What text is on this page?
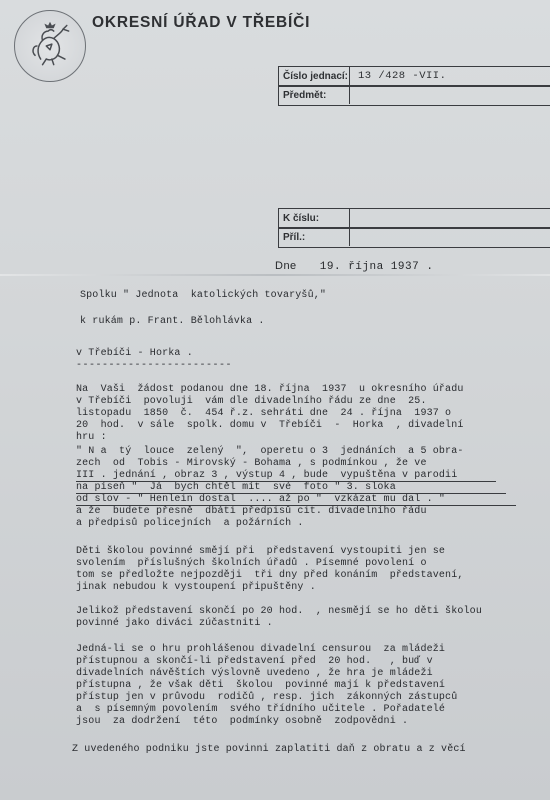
OKRESNÍ ÚŘAD V TŘEBÍČI
Číslo jednací: 13 /428 -VII.
Předmět:
K číslu:
Příl.:
Dne 19. října 1937 .

Spolku " Jednota  katolických tovaryšů,"

k rukám p. Frant. Bělohlávka .

v Třebíči - Horka .

------------------------

Na  Vaši  žádost podanou dne 18. října  1937  u okresního úřadu

v Třebíči  povoluji  vám dle divadelního řádu ze dne  25.

listopadu  1850  č.  454 ř.z. sehráti dne  24 . října  1937 o

20  hod.  v sále  spolk. domu v  Třebíči  -  Horka  , divadelní

hru :

" N a  tý  louce  zelený  ",  operetu o 3  jednáních  a 5 obra-

zech  od  Tobis - Mirovský - Bohama , s podmínkou , že ve

III . jednání , obraz 3 , výstup 4 , bude  vypuštěna v parodii

na píseň "  Já  bych chtěl mít  své  foto " 3. sloka

od slov - " Henlein dostal  .... až po "  vzkázat mu dal . "

a že  budete přesně  dbáti předpisů cit. divadelního řádu

a předpisů policejních  a požárních .

Děti školou povinné smějí při  představení vystoupiti jen se

svolením  příslušných školních úřadů . Písemné povolení o

tom se předložte nejpozději  tři dny před konáním  představení,

jinak nebudou k vystoupení připuštěny .

Jelikož představení skončí po 20 hod.  , nesmějí se ho děti školou

povinné jako diváci zúčastniti .

Jedná-li se o hru prohlášenou divadelní censurou  za mládeži

přístupnou a skončí-li představení před  20 hod.   , buď v

divadelních návěštích výslovně uvedeno , že hra je mládeži

přístupna , že však děti  školou  povinné mají k představení

přístup jen v průvodu  rodičů , resp. jich  zákonných zástupců

a  s písemným povolením  svého třídního učitele . Pořadatelé

jsou  za dodržení  této  podmínky osobně  zodpovědni .

Z uvedeného podniku jste povinni zaplatiti daň z obratu a z věcí
